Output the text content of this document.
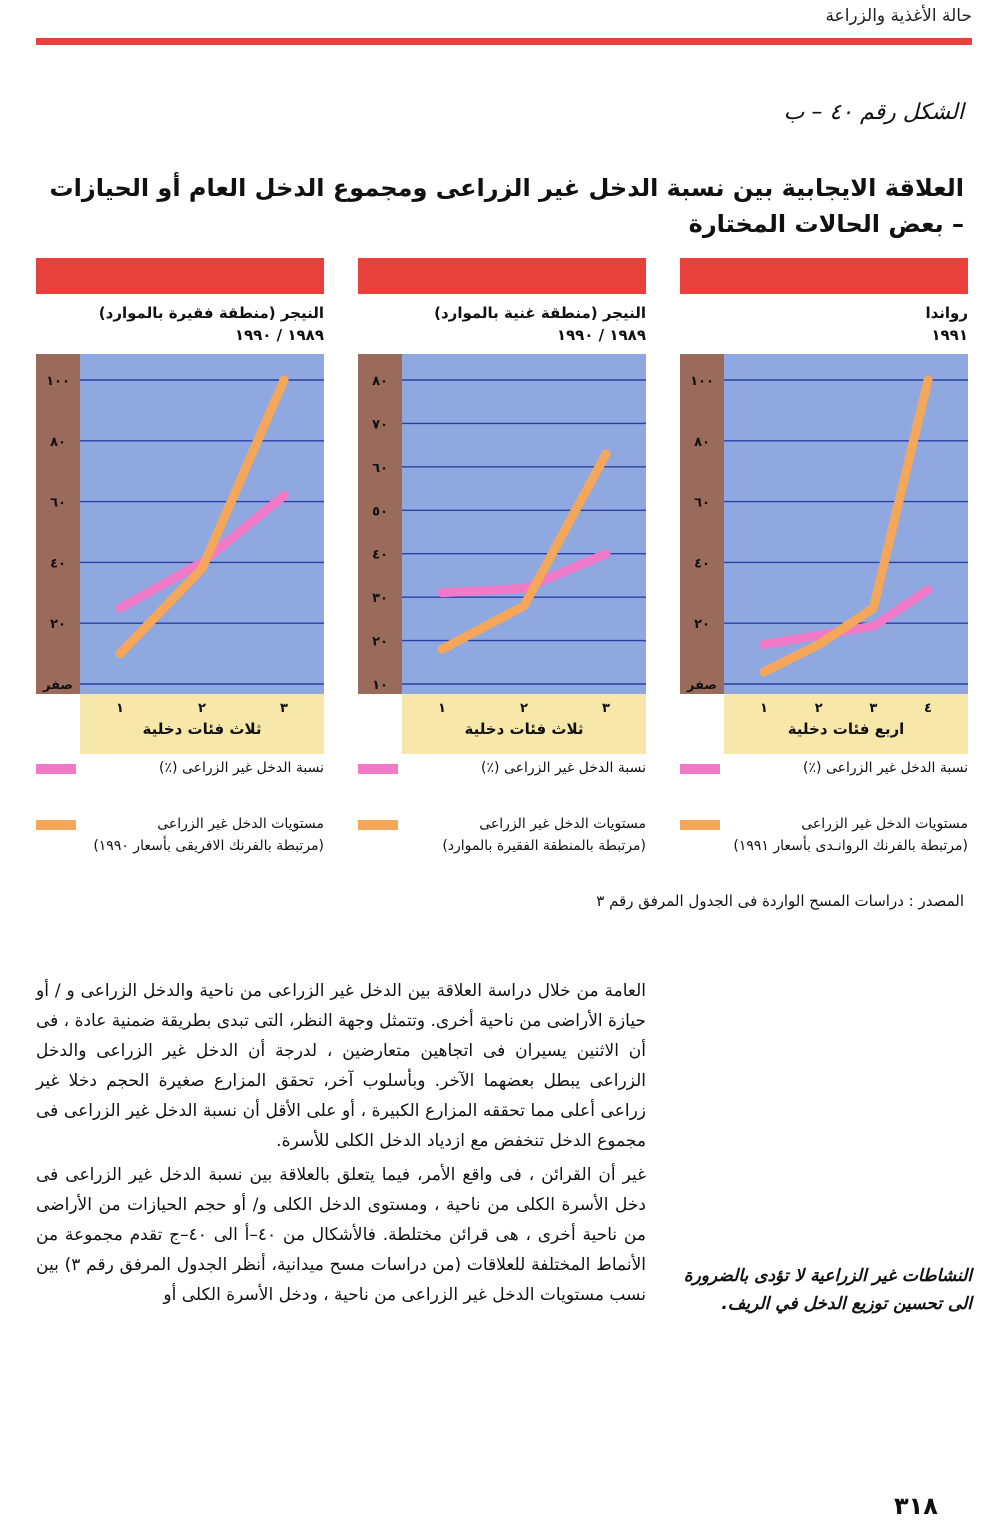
حالة الأغذية والزراعة
الشكل رقم ٤٠ – ب
العلاقة الايجابية بين نسبة الدخل غير الزراعى ومجموع الدخل العام أو الحيازات – بعض الحالات المختارة
رواندا
١٩٩١
صفر
٢٠
٤٠
٦٠
٨٠
١٠٠
١	٢	٣	٤
اربع فئات دخلية
نسبة الدخل غير الزراعى (٪)
مستويات الدخل غير الزراعى
(مرتبطة بالفرنك الروانـدى بأسعار ١٩٩١)
النيجر (منطقة غنية بالموارد)
١٩٨٩ / ١٩٩٠
١٠
٢٠
٣٠
٤٠
٥٠
٦٠
٧٠
٨٠
١	٢	٣
ثلاث فئات دخلية
نسبة الدخل غير الزراعى (٪)
مستويات الدخل غير الزراعى
(مرتبطة بالمنطقة الفقيرة بالموارد)
النيجر (منطقة فقيرة بالموارد)
١٩٨٩ / ١٩٩٠
صفر
٢٠
٤٠
٦٠
٨٠
١٠٠
١	٢	٣
ثلاث فئات دخلية
نسبة الدخل غير الزراعى (٪)
مستويات الدخل غير الزراعى
(مرتبطة بالفرنك الافريقى بأسعار ١٩٩٠)
المصدر : دراسات المسح الواردة فى الجدول المرفق رقم ٣

العامة من خلال دراسة العلاقة بين الدخل غير الزراعى من ناحية والدخل الزراعى و / أو حيازة الأراضى من ناحية أخرى. وتتمثل وجهة النظر، التى تبدى بطريقة ضمنية عادة ، فى أن الاثنين يسيران فى اتجاهين متعارضين ، لدرجة أن الدخل غير الزراعى والدخل الزراعى يبطل بعضهما الآخر. وبأسلوب آخر، تحقق المزارع صغيرة الحجم دخلا غير زراعى أعلى مما تحققه المزارع الكبيرة ، أو على الأقل أن نسبة الدخل غير الزراعى فى مجموع الدخل تنخفض مع ازدياد الدخل الكلى للأسرة.

غير أن القرائن ، فى واقع الأمر، فيما يتعلق بالعلاقة بين نسبة الدخل غير الزراعى فى دخل الأسرة الكلى من ناحية ، ومستوى الدخل الكلى و/ أو حجم الحيازات من الأراضى من ناحية أخرى ، هى قرائن مختلطة. فالأشكال من ٤٠–أ الى ٤٠–ج تقدم مجموعة من الأنماط المختلفة للعلاقات (من دراسات مسح ميدانية، أنظر الجدول المرفق رقم ٣) بين نسب مستويات الدخل غير الزراعى من ناحية ، ودخل الأسرة الكلى أو

النشاطات غير الزراعية لا تؤدى بالضرورة الى تحسين توزيع الدخل في الريف.
٣١٨
